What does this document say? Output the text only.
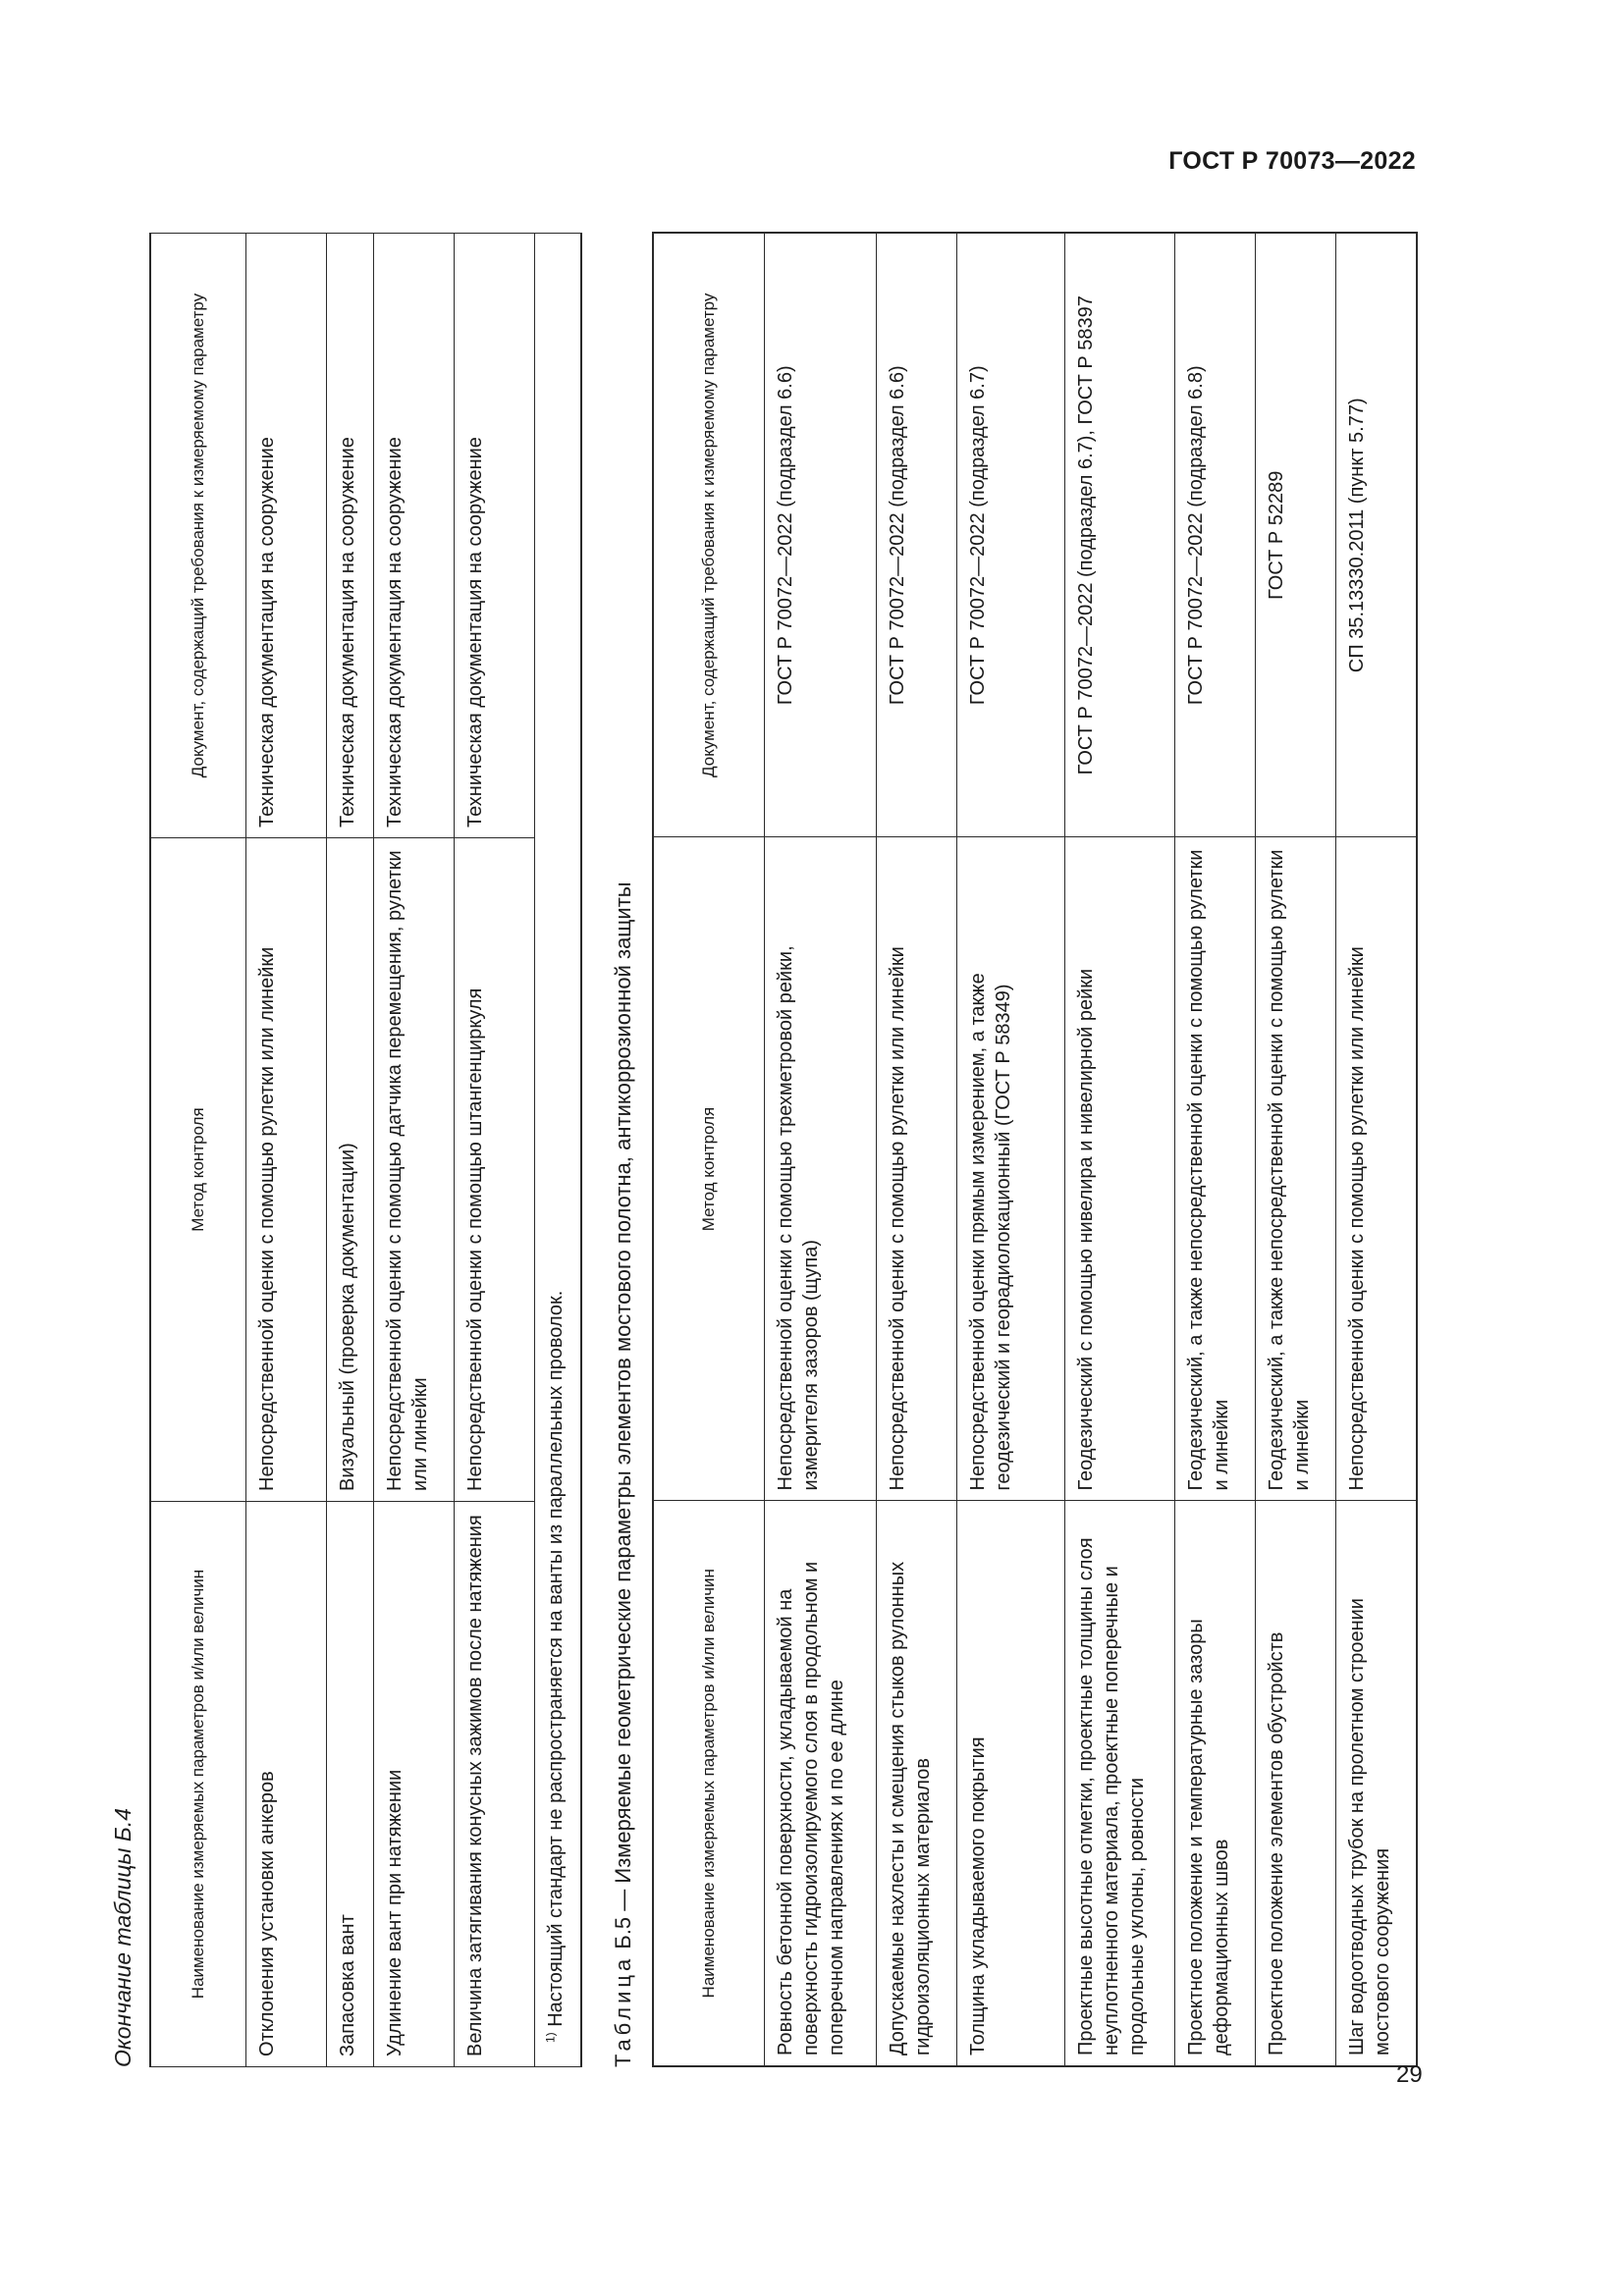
ГОСТ Р 70073—2022
Окончание таблицы Б.4	Наименование измеряемых параметров и/или величин	Метод контроля	Документ, содержащий требования к измеряемому параметру
Отклонения установки анкеров	Непосредственной оценки с помощью рулетки или линейки	Техническая документация на сооружение
Запасовка вант	Визуальный (проверка документации)	Техническая документация на сооружение
Удлинение вант при натяжении	Непосредственной оценки с помощью датчика перемещения, рулетки или линейки	Техническая документация на сооружение
Величина затягивания конусных зажимов после натяжения	Непосредственной оценки с помощью штангенциркуля	Техническая документация на сооружение
$^{1)}$ Настоящий стандарт не распространяется на ванты из параллельных проволок.		Таблица Б.5 — Измеряемые геометрические параметры элементов мостового полотна, антикоррозионной защиты	Наименование измеряемых параметров и/или величин	Метод контроля	Документ, содержащий требования к измеряемому параметру
Ровность бетонной поверхности, укладываемой на поверхность гидроизолируемого слоя в продольном и поперечном направлениях и по ее длине	Непосредственной оценки с помощью трехметровой рейки, измерителя зазоров (щупа)	ГОСТ Р 70072—2022 (подраздел 6.6)
Допускаемые нахлесты и смещения стыков рулонных гидроизоляционных материалов	Непосредственной оценки с помощью рулетки или линейки	ГОСТ Р 70072—2022 (подраздел 6.6)
Толщина укладываемого покрытия	Непосредственной оценки прямым измерением, а также геодезический и георадиолокационный (ГОСТ Р 58349)	ГОСТ Р 70072—2022 (подраздел 6.7)
Проектные высотные отметки, проектные толщины слоя неуплотненного материала, проектные поперечные и продольные уклоны, ровности	Геодезический с помощью нивелира и нивелирной рейки	ГОСТ Р 70072—2022 (подраздел 6.7), ГОСТ Р 58397
Проектное положение и температурные зазоры деформационных швов	Геодезический, а также непосредственной оценки с помощью рулетки и линейки	ГОСТ Р 70072—2022 (подраздел 6.8)
Проектное положение элементов обустройств	Геодезический, а также непосредственной оценки с помощью рулетки и линейки	ГОСТ Р 52289
Шаг водоотводных трубок на пролетном строении мостового сооружения	Непосредственной оценки с помощью рулетки или линейки	СП 35.13330.2011 (пункт 5.77)
29
